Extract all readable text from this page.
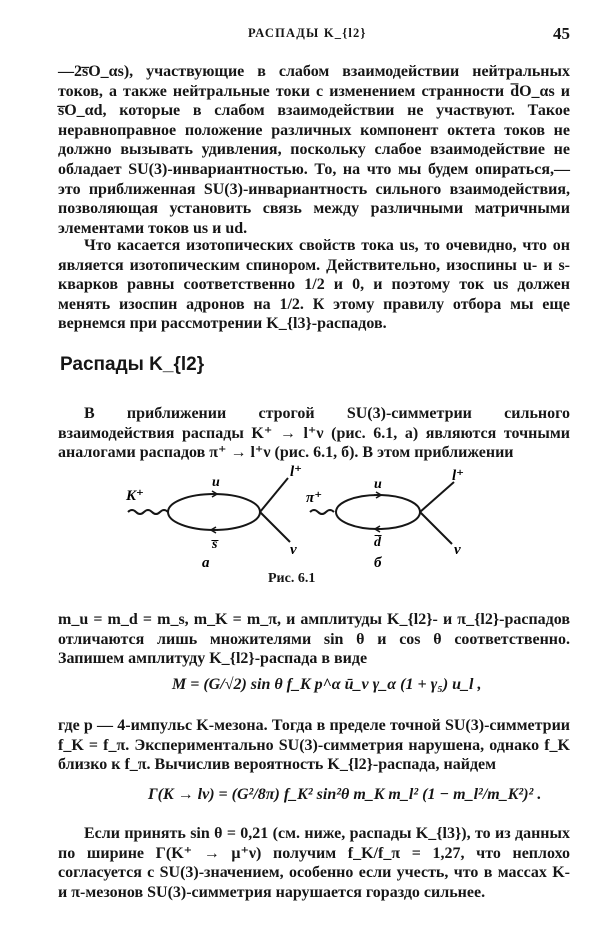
РАСПАДЫ K_{l2}	45

—2s̅O_αs), участвующие в слабом взаимодействии нейтральных токов, а также нейтральные токи с изменением странности d̅O_αs и s̅O_αd, которые в слабом взаимодействии не участвуют. Такое неравноправное положение различных компонент октета токов не должно вызывать удивления, поскольку слабое взаимодействие не обладает SU(3)-инвариантностью. То, на что мы будем опираться,— это приближенная SU(3)-инвариантность сильного взаимодействия, позволяющая установить связь между различными матричными элементами токов us и ud.

Что касается изотопических свойств тока us, то очевидно, что он является изотопическим спинором. Действительно, изоспины u- и s-кварков равны соответственно 1/2 и 0, и поэтому ток us должен менять изоспин адронов на 1/2. К этому правилу отбора мы еще вернемся при рассмотрении K_{l3}-распадов.

Распады K_{l2}

В приближении строгой SU(3)-симметрии сильного взаимодействия распады K⁺ → l⁺ν (рис. 6.1, а) являются точными аналогами распадов π⁺ → l⁺ν (рис. 6.1, б). В этом приближении

K⁺
u
s̅
l⁺
ν
а
π⁺
u
d̅
l⁺
ν
б
Рис. 6.1

m_u = m_d = m_s, m_K = m_π, и амплитуды K_{l2}- и π_{l2}-распадов отличаются лишь множителями sin θ и cos θ соответственно. Запишем амплитуду K_{l2}-распада в виде

M = (G/√2) sin θ f_K p^α ū_ν γ_α (1 + γ₅) u_l ,

где p — 4-импульс K-мезона. Тогда в пределе точной SU(3)-симметрии f_K = f_π. Экспериментально SU(3)-симметрия нарушена, однако f_K близко к f_π. Вычислив вероятность K_{l2}-распада, найдем

Γ(K → lν) = (G²/8π) f_K² sin²θ m_K m_l² (1 − m_l²/m_K²)² .

Если принять sin θ = 0,21 (см. ниже, распады K_{l3}), то из данных по ширине Γ(K⁺ → μ⁺ν) получим f_K/f_π = 1,27, что неплохо согласуется с SU(3)-значением, особенно если учесть, что в массах K- и π-мезонов SU(3)-симметрия нарушается гораздо сильнее.
